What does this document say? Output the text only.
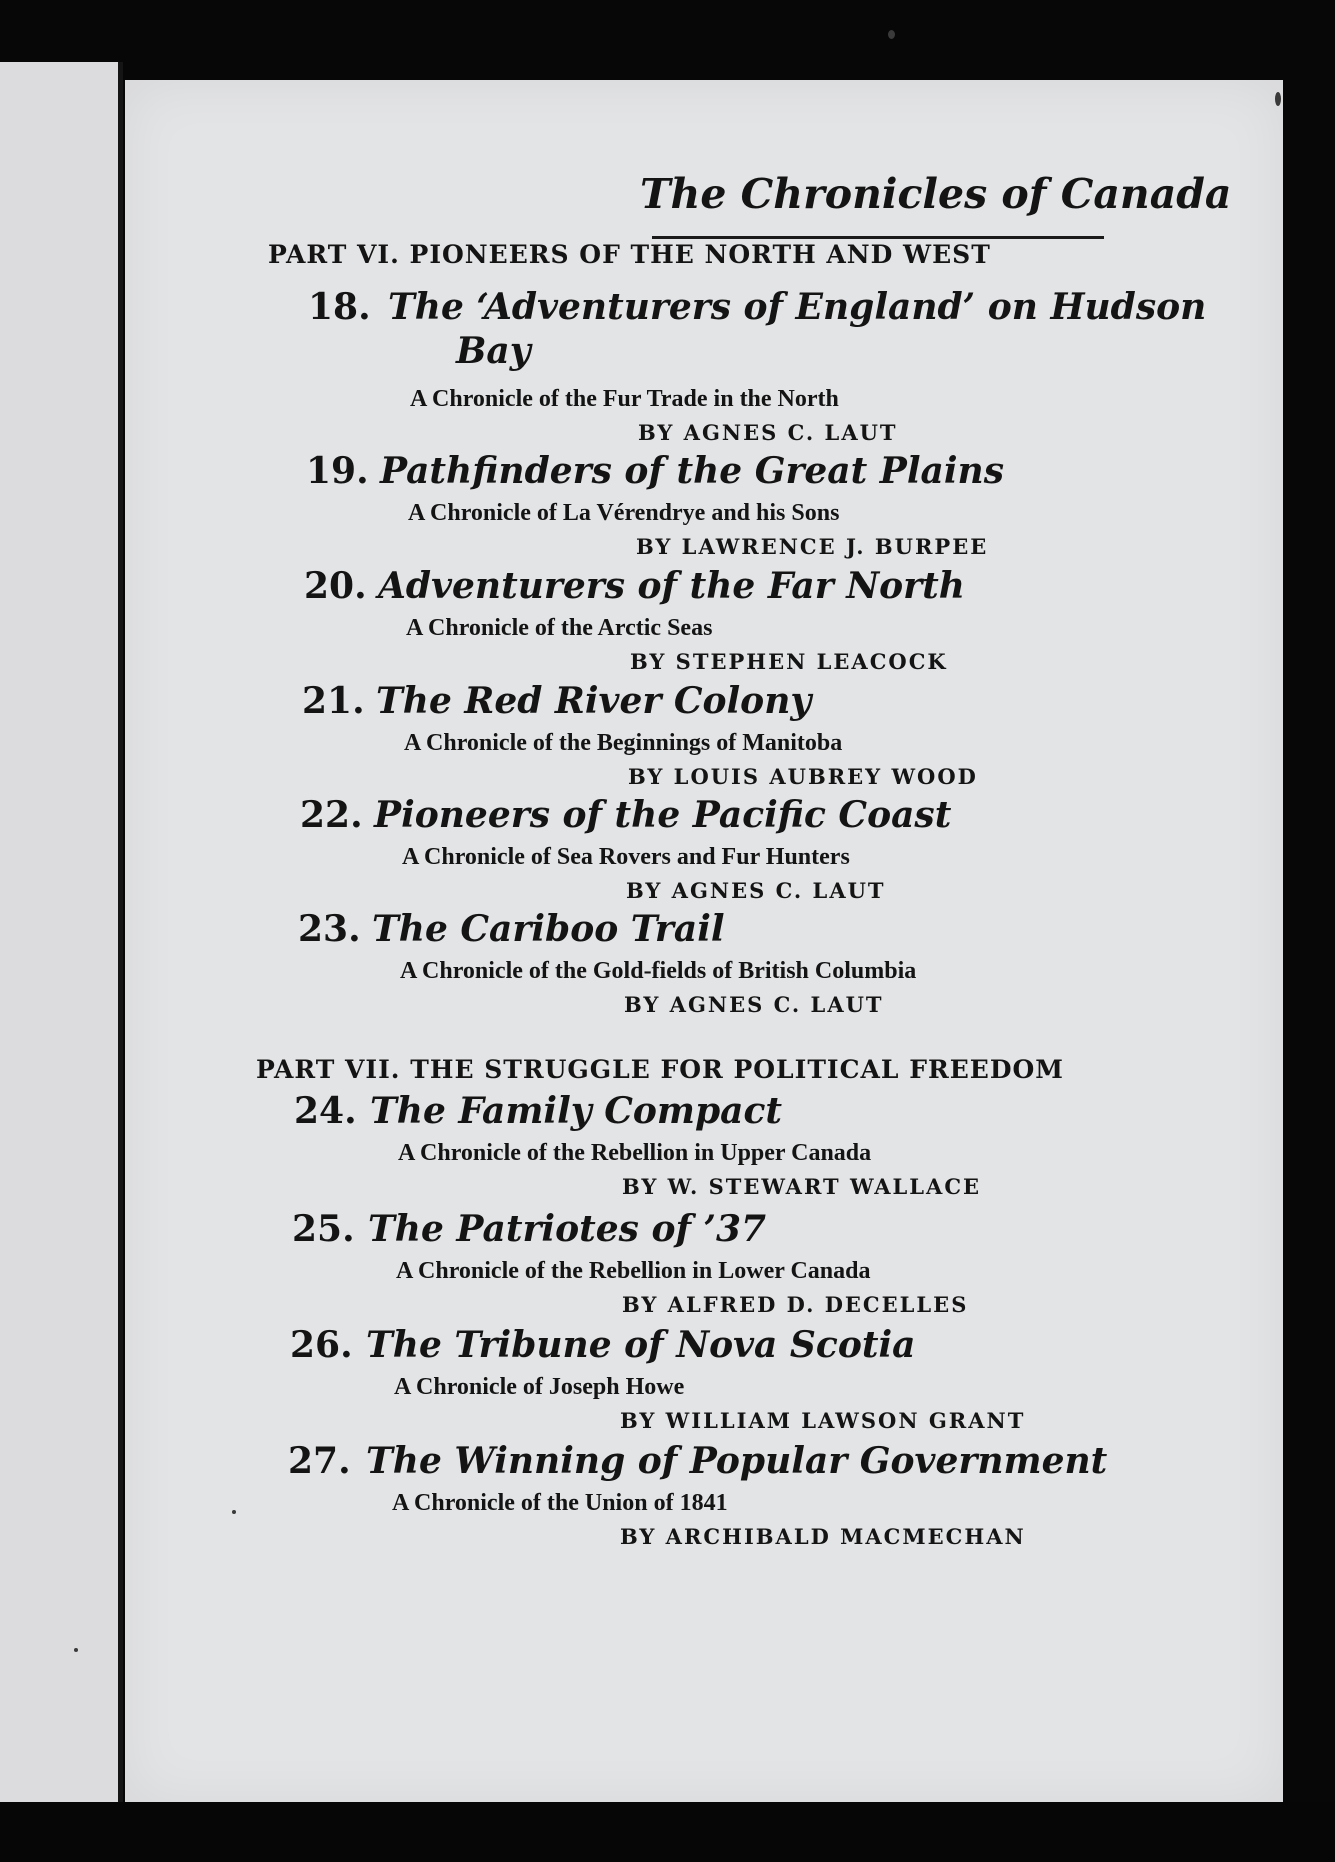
The Chronicles of Canada
PART VI. PIONEERS OF THE NORTH AND WEST
18. The ‘Adventurers of England’ on Hudson
Bay
A Chronicle of the Fur Trade in the North
BY AGNES C. LAUT
19. Pathfinders of the Great Plains
A Chronicle of La Vérendrye and his Sons
BY LAWRENCE J. BURPEE
20. Adventurers of the Far North
A Chronicle of the Arctic Seas
BY STEPHEN LEACOCK
21. The Red River Colony
A Chronicle of the Beginnings of Manitoba
BY LOUIS AUBREY WOOD
22. Pioneers of the Pacific Coast
A Chronicle of Sea Rovers and Fur Hunters
BY AGNES C. LAUT
23. The Cariboo Trail
A Chronicle of the Gold-fields of British Columbia
BY AGNES C. LAUT
PART VII. THE STRUGGLE FOR POLITICAL FREEDOM
24. The Family Compact
A Chronicle of the Rebellion in Upper Canada
BY W. STEWART WALLACE
25. The Patriotes of ’37
A Chronicle of the Rebellion in Lower Canada
BY ALFRED D. DECELLES
26. The Tribune of Nova Scotia
A Chronicle of Joseph Howe
BY WILLIAM LAWSON GRANT
27. The Winning of Popular Government
A Chronicle of the Union of 1841
BY ARCHIBALD MACMECHAN
